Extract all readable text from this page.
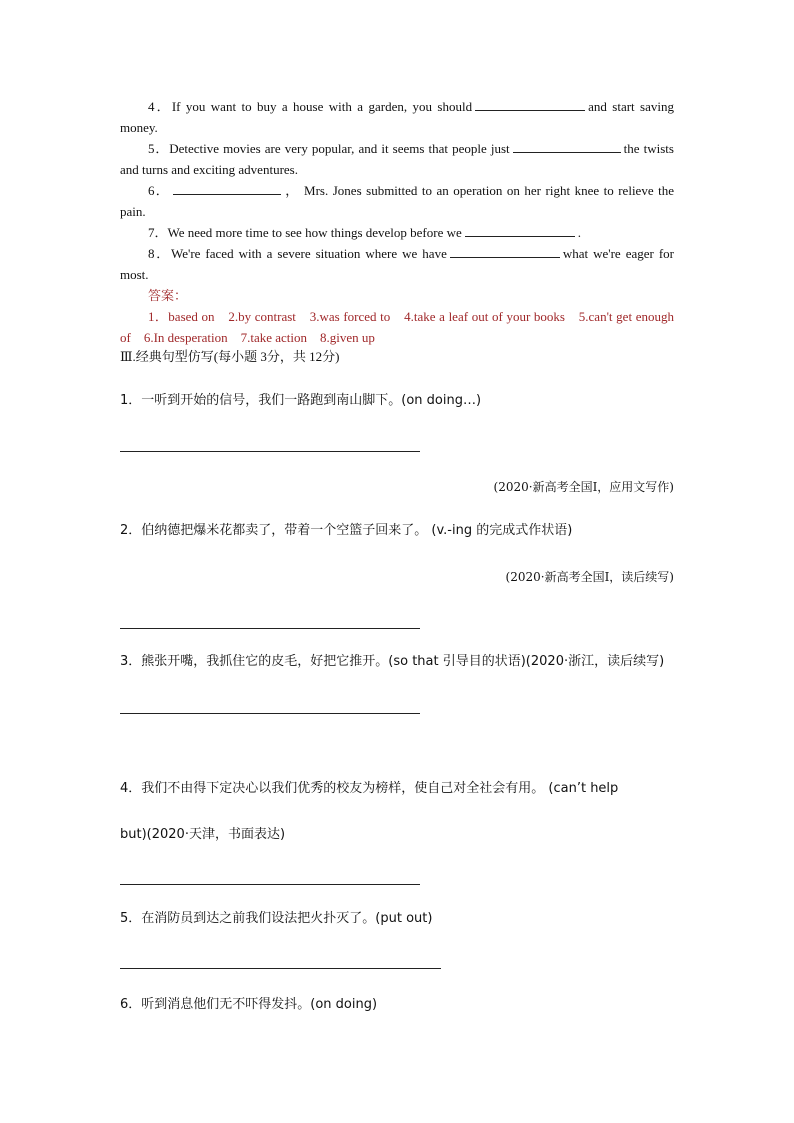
4．If you want to buy a house with a garden, you should	and start saving money.
5．Detective movies are very popular, and it seems that people just	the twists and turns and exciting adventures.
6．	， Mrs. Jones submitted to an operation on her right knee to relieve the pain.
7．We need more time to see how things develop before we	.
8．We're faced with a severe situation where we have	what we're eager for most.
答案：
1．based on　2.by contrast　3.was forced to　4.take a leaf out of your books　5.can't get enough of　6.In desperation　7.take action　8.given up
Ⅲ.经典句型仿写(每小题 3分，共 12分)
1．一听到开始的信号，我们一路跑到南山脚下。(on doing…)
(2020·新高考全国Ⅰ，应用文写作)
2．伯纳德把爆米花都卖了，带着一个空篮子回来了。 (v.-ing 的完成式作状语)
(2020·新高考全国Ⅰ，读后续写)
3．熊张开嘴，我抓住它的皮毛，好把它推开。(so that 引导目的状语)(2020·浙江，读后续写)
4．我们不由得下定决心以我们优秀的校友为榜样，使自己对全社会有用。 (can’t help
but)(2020·天津，书面表达)
5．在消防员到达之前我们设法把火扑灭了。(put out)
6．听到消息他们无不吓得发抖。(on doing)
